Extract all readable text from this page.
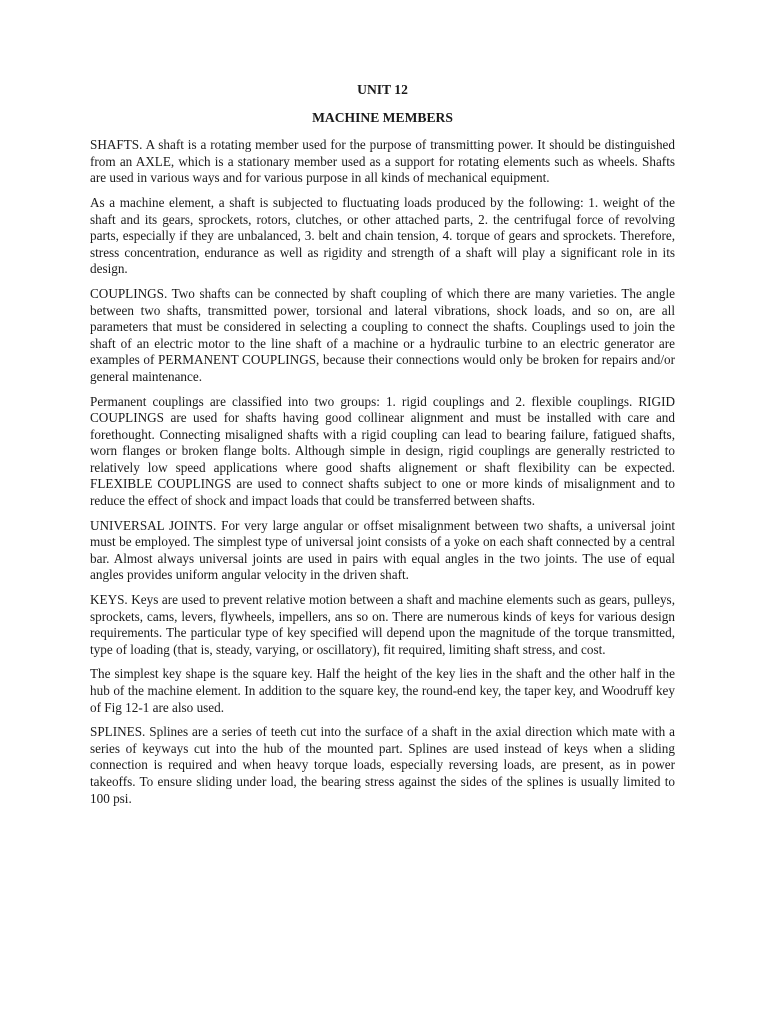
UNIT 12
MACHINE MEMBERS

SHAFTS. A shaft is a rotating member used for the purpose of transmitting power. It should be distinguished from an AXLE, which is a stationary member used as a support for rotating elements such as wheels. Shafts are used in various ways and for various purpose in all kinds of mechanical equipment.

As a machine element, a shaft is subjected to fluctuating loads produced by the following: 1. weight of the shaft and its gears, sprockets, rotors, clutches, or other attached parts, 2. the centrifugal force of revolving parts, especially if they are unbalanced, 3. belt and chain tension, 4. torque of gears and sprockets. Therefore, stress concentration, endurance as well as rigidity and strength of a shaft will play a significant role in its design.

COUPLINGS. Two shafts can be connected by shaft coupling of which there are many varieties. The angle between two shafts, transmitted power, torsional and lateral vibrations, shock loads, and so on, are all parameters that must be considered in selecting a coupling to connect the shafts. Couplings used to join the shaft of an electric motor to the line shaft of a machine or a hydraulic turbine to an electric generator are examples of PERMANENT COUPLINGS, because their connections would only be broken for repairs and/or general maintenance.

Permanent couplings are classified into two groups: 1. rigid couplings and 2. flexible couplings. RIGID COUPLINGS are used for shafts having good collinear alignment and must be installed with care and forethought. Connecting misaligned shafts with a rigid coupling can lead to bearing failure, fatigued shafts, worn flanges or broken flange bolts. Although simple in design, rigid couplings are generally restricted to relatively low speed applications where good shafts alignement or shaft flexibility can be expected. FLEXIBLE COUPLINGS are used to connect shafts subject to one or more kinds of misalignment and to reduce the effect of shock and impact loads that could be transferred between shafts.

UNIVERSAL JOINTS. For very large angular or offset misalignment between two shafts, a universal joint must be employed. The simplest type of universal joint consists of a yoke on each shaft connected by a central bar. Almost always universal joints are used in pairs with equal angles in the two joints. The use of equal angles provides uniform angular velocity in the driven shaft.

KEYS. Keys are used to prevent relative motion between a shaft and machine elements such as gears, pulleys, sprockets, cams, levers, flywheels, impellers, ans so on. There are numerous kinds of keys for various design requirements. The particular type of key specified will depend upon the magnitude of the torque transmitted, type of loading (that is, steady, varying, or oscillatory), fit required, limiting shaft stress, and cost.

The simplest key shape is the square key. Half the height of the key lies in the shaft and the other half in the hub of the machine element. In addition to the square key, the round-end key, the taper key, and Woodruff key of Fig 12-1 are also used.

SPLINES. Splines are a series of teeth cut into the surface of a shaft in the axial direction which mate with a series of keyways cut into the hub of the mounted part. Splines are used instead of keys when a sliding connection is required and when heavy torque loads, especially reversing loads, are present, as in power takeoffs. To ensure sliding under load, the bearing stress against the sides of the splines is usually limited to 100 psi.
